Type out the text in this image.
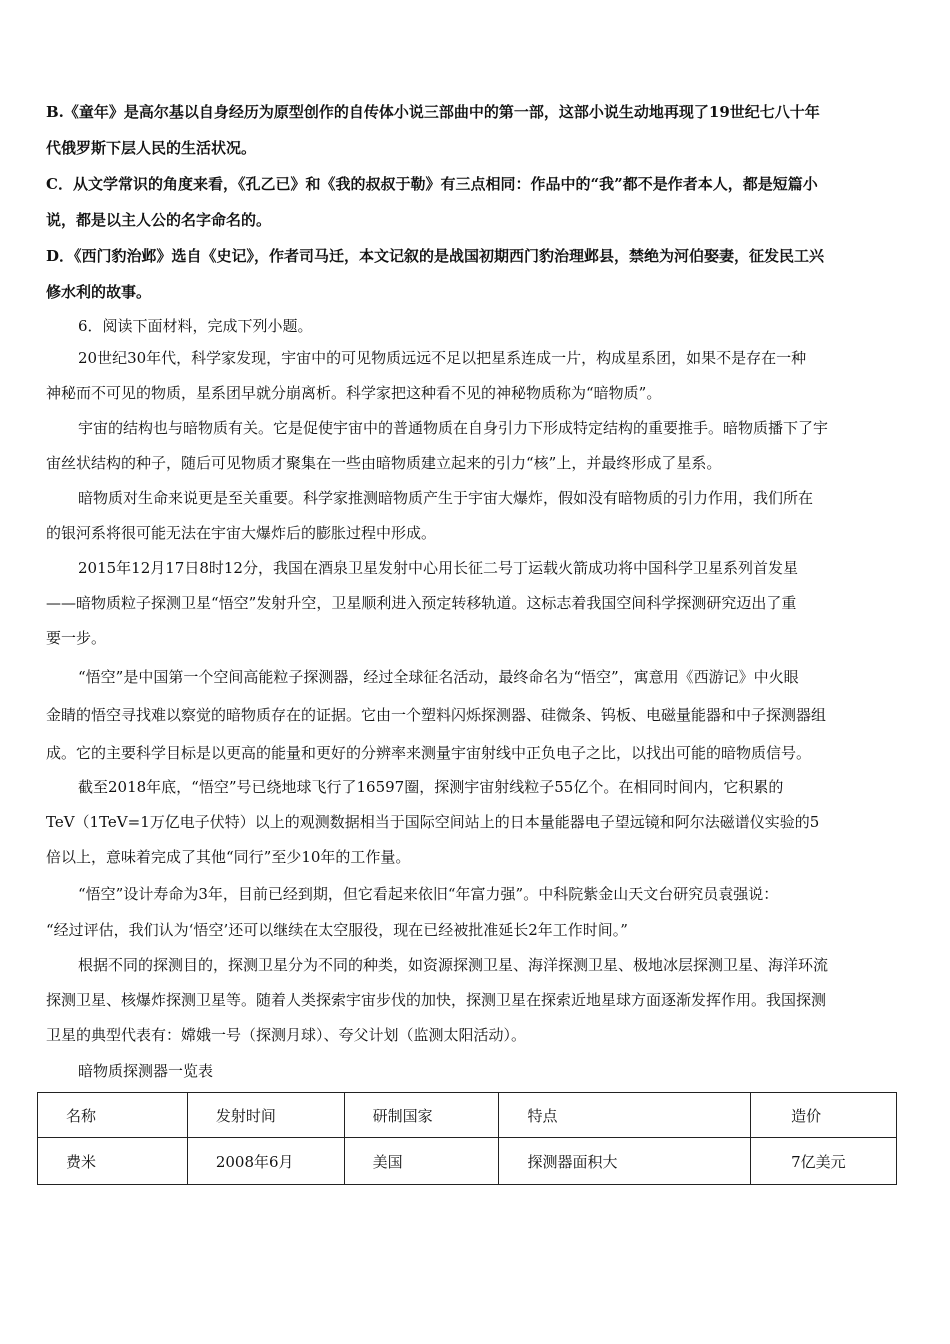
B.《童年》是高尔基以自身经历为原型创作的自传体小说三部曲中的第一部，这部小说生动地再现了19世纪七八十年

代俄罗斯下层人民的生活状况。

C．从文学常识的角度来看，《孔乙已》和《我的叔叔于勒》有三点相同：作品中的“我”都不是作者本人，都是短篇小

说，都是以主人公的名字命名的。

D．《西门豹治邺》选自《史记》，作者司马迁，本文记叙的是战国初期西门豹治理邺县，禁绝为河伯娶妻，征发民工兴

修水利的故事。

6．阅读下面材料，完成下列小题。

20世纪30年代，科学家发现，宇宙中的可见物质远远不足以把星系连成一片，构成星系团，如果不是存在一种

神秘而不可见的物质，星系团早就分崩离析。科学家把这种看不见的神秘物质称为“暗物质”。

宇宙的结构也与暗物质有关。它是促使宇宙中的普通物质在自身引力下形成特定结构的重要推手。暗物质播下了宇

宙丝状结构的种子，随后可见物质才聚集在一些由暗物质建立起来的引力“核”上，并最终形成了星系。

暗物质对生命来说更是至关重要。科学家推测暗物质产生于宇宙大爆炸，假如没有暗物质的引力作用，我们所在

的银河系将很可能无法在宇宙大爆炸后的膨胀过程中形成。

2015年12月17日8时12分，我国在酒泉卫星发射中心用长征二号丁运载火箭成功将中国科学卫星系列首发星

——暗物质粒子探测卫星“悟空”发射升空，卫星顺利进入预定转移轨道。这标志着我国空间科学探测研究迈出了重

要一步。

“悟空”是中国第一个空间高能粒子探测器，经过全球征名活动，最终命名为“悟空”，寓意用《西游记》中火眼

金睛的悟空寻找难以察觉的暗物质存在的证据。它由一个塑料闪烁探测器、硅微条、钨板、电磁量能器和中子探测器组

成。它的主要科学目标是以更高的能量和更好的分辨率来测量宇宙射线中正负电子之比，以找出可能的暗物质信号。

截至2018年底，“悟空”号已绕地球飞行了16597圈，探测宇宙射线粒子55亿个。在相同时间内，它积累的

TeV（1TeV=1万亿电子伏特）以上的观测数据相当于国际空间站上的日本量能器电子望远镜和阿尔法磁谱仪实验的5

倍以上，意味着完成了其他“同行”至少10年的工作量。

“悟空”设计寿命为3年，目前已经到期，但它看起来依旧“年富力强”。中科院紫金山天文台研究员袁强说：

“经过评估，我们认为‘悟空’还可以继续在太空服役，现在已经被批准延长2年工作时间。”

根据不同的探测目的，探测卫星分为不同的种类，如资源探测卫星、海洋探测卫星、极地冰层探测卫星、海洋环流

探测卫星、核爆炸探测卫星等。随着人类探索宇宙步伐的加快，探测卫星在探索近地星球方面逐渐发挥作用。我国探测

卫星的典型代表有：嫦娥一号（探测月球）、夸父计划（监测太阳活动）。

暗物质探测器一览表

名称	发射时间	研制国家	特点	造价
费米	2008年6月	美国	探测器面积大	7亿美元
